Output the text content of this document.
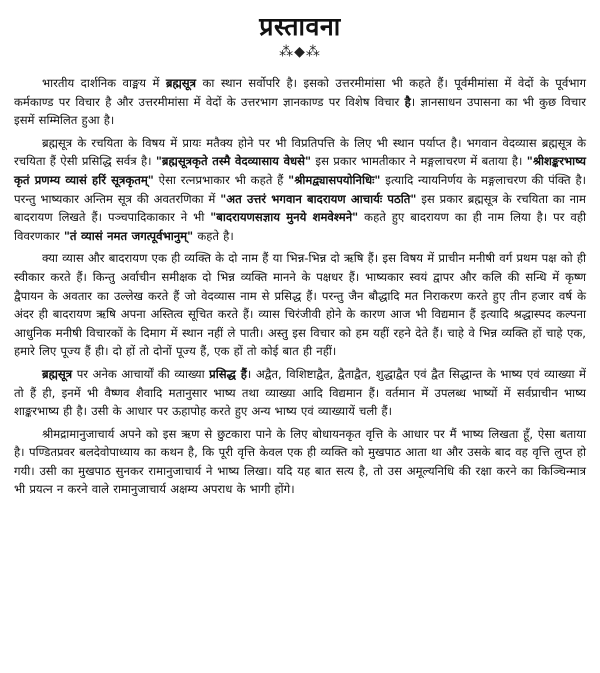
प्रस्तावना
⁂◆⁂

भारतीय दार्शनिक वाङ्मय में ब्रह्मसूत्र का स्थान सर्वोपरि है। इसको उत्तरमीमांसा भी कहते हैं। पूर्वमीमांसा में वेदों के पूर्वभाग कर्मकाण्ड पर विचार है और उत्तरमीमांसा में वेदों के उत्तरभाग ज्ञानकाण्ड पर विशेष विचार है। ज्ञानसाधन उपासना का भी कुछ विचार इसमें सम्मिलित हुआ है।

ब्रह्मसूत्र के रचयिता के विषय में प्रायः मतैक्य होने पर भी विप्रतिपत्ति के लिए भी स्थान पर्याप्त है। भगवान वेदव्यास ब्रह्मसूत्र के रचयिता हैं ऐसी प्रसिद्धि सर्वत्र है। "ब्रह्मसूत्रकृते तस्मै वेदव्यासाय वेधसे" इस प्रकार भामतीकार ने मङ्गलाचरण में बताया है। "श्रीशङ्करभाष्य कृतं प्रणम्य व्यासं हरिं सूत्रकृतम्" ऐसा रत्नप्रभाकार भी कहते हैं "श्रीमद्व्यासपयोनिधिः" इत्यादि न्यायनिर्णय के मङ्गलाचरण की पंक्ति है। परन्तु भाष्यकार अन्तिम सूत्र की अवतरणिका में "अत उत्तरं भगवान बादरायण आचार्यः पठति" इस प्रकार ब्रह्मसूत्र के रचयिता का नाम बादरायण लिखते हैं। पञ्चपादिकाकार ने भी "बादरायणसज्ञाय मुनये शमवेश्मने" कहते हुए बादरायण का ही नाम लिया है। पर वही विवरणकार "तं व्यासं नमत जगत्पूर्वभानुम्" कहते है।

क्या व्यास और बादरायण एक ही व्यक्ति के दो नाम हैं या भिन्न-भिन्न दो ऋषि हैं। इस विषय में प्राचीन मनीषी वर्ग प्रथम पक्ष को ही स्वीकार करते हैं। किन्तु अर्वाचीन समीक्षक दो भिन्न व्यक्ति मानने के पक्षधर हैं। भाष्यकार स्वयं द्वापर और कलि की सन्धि में कृष्ण द्वैपायन के अवतार का उल्लेख करते हैं जो वेदव्यास नाम से प्रसिद्ध हैं। परन्तु जैन बौद्धादि मत निराकरण करते हुए तीन हजार वर्ष के अंदर ही बादरायण ऋषि अपना अस्तित्व सूचित करते हैं। व्यास चिरंजीवी होने के कारण आज भी विद्यमान हैं इत्यादि श्रद्धास्पद कल्पना आधुनिक मनीषी विचारकों के दिमाग में स्थान नहीं ले पाती। अस्तु इस विचार को हम यहीं रहने देते हैं। चाहे वे भिन्न व्यक्ति हों चाहे एक, हमारे लिए पूज्य हैं ही। दो हों तो दोनों पूज्य हैं, एक हों तो कोई बात ही नहीं।

ब्रह्मसूत्र पर अनेक आचार्यों की व्याख्या प्रसिद्ध हैं। अद्वैत, विशिष्टाद्वैत, द्वैताद्वैत, शुद्धाद्वैत एवं द्वैत सिद्धान्त के भाष्य एवं व्याख्या में तो हैं ही, इनमें भी वैष्णव शैवादि मतानुसार भाष्य तथा व्याख्या आदि विद्यमान हैं। वर्तमान में उपलब्ध भाष्यों में सर्वप्राचीन भाष्य शाङ्करभाष्य ही है। उसी के आधार पर ऊहापोह करते हुए अन्य भाष्य एवं व्याख्यायें चली हैं।

श्रीमद्रामानुजाचार्य अपने को इस ऋण से छुटकारा पाने के लिए बोधायनकृत वृत्ति के आधार पर मैं भाष्य लिखता हूँ, ऐसा बताया है। पण्डितप्रवर बलदेवोपाध्याय का कथन है, कि पूरी वृत्ति केवल एक ही व्यक्ति को मुखपाठ आता था और उसके बाद वह वृत्ति लुप्त हो गयी। उसी का मुखपाठ सुनकर रामानुजाचार्य ने भाष्य लिखा। यदि यह बात सत्य है, तो उस अमूल्यनिधि की रक्षा करने का किञ्चिन्मात्र भी प्रयत्न न करने वाले रामानुजाचार्य अक्षम्य अपराध के भागी होंगे।
